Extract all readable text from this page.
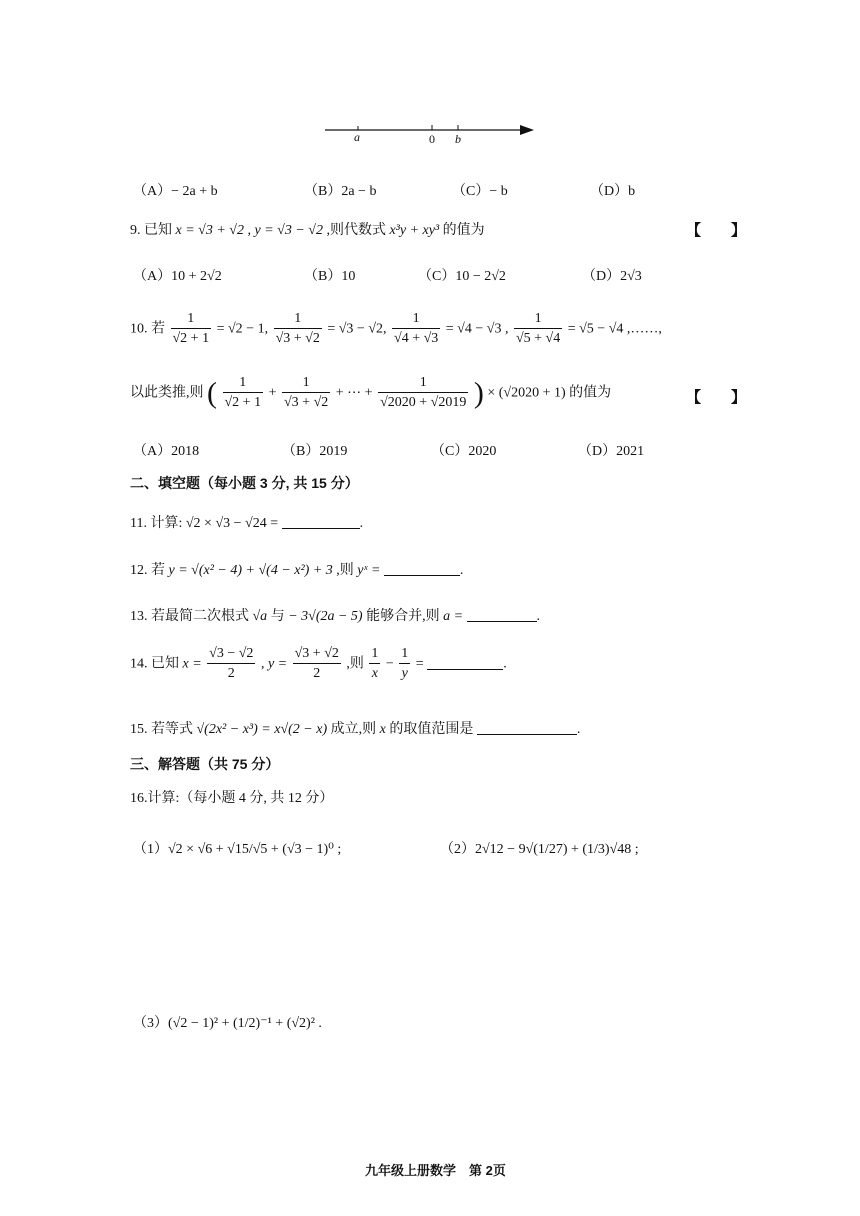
a	0 b
（A）− 2a + b	（B）2a − b	（C）− b	（D）b
9. 已知 x = √3 + √2 , y = √3 − √2 ,则代数式 x³y + xy³ 的值为	【　　】
（A）10 + 2√2	（B）10	（C）10 − 2√2	（D）2√3
10. 若 $\frac{1}{√2 + 1} = √2 - 1$, $\frac{1}{√3 + √2} = √3 - √2$, $\frac{1}{√4 + √3} = √4 - √3$ , $\frac{1}{√5 + √4} = √5 - √4$ ,……,
以此类推,则 ( $\frac{1}{√2 + 1} + \frac{1}{√3 + √2}$ + ⋯ + $\frac{1}{√2020 + √2019}$ ) × (√2020 + 1) 的值为	【　　】
（A）2018	（B）2019	（C）2020	（D）2021
二、填空题（每小题 3 分, 共 15 分）
11. 计算: √2 × √3 − √24 =	.
12. 若 y = √(x² − 4) + √(4 − x²) + 3 ,则 yˣ =	.
13. 若最简二次根式 √a 与 − 3√(2a − 5) 能够合并,则 a =	.
14. 已知 $x = \frac{√3 - √2}{2}$ , $y = \frac{√3 + √2}{2}$ ,则 $\frac{1}{x} - \frac{1}{y}$ =	.
15. 若等式 √(2x² − x³) = x√(2 − x) 成立,则 x 的取值范围是	.
三、解答题（共 75 分）
16.计算:（每小题 4 分, 共 12 分）
（1）√2 × √6 + √15/√5 + (√3 − 1)⁰ ;	（2）2√12 − 9√(1/27) + (1/3)√48 ;
（3）(√2 − 1)² + (1/2)⁻¹ + (√2)² .
九年级上册数学　第 2页
